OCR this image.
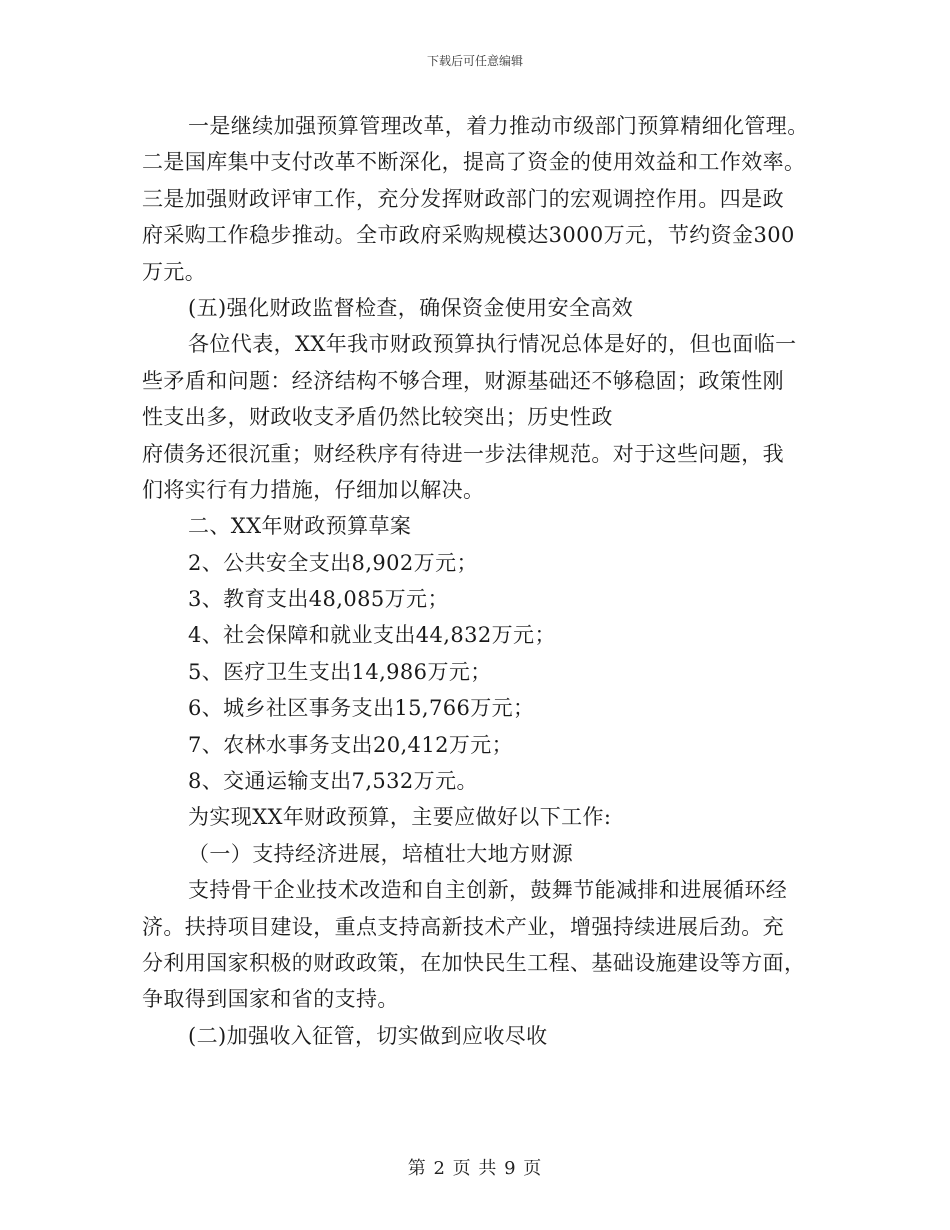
下载后可任意编辑
一是继续加强预算管理改革，着力推动市级部门预算精细化管理。
二是国库集中支付改革不断深化，提高了资金的使用效益和工作效率。
三是加强财政评审工作，充分发挥财政部门的宏观调控作用。四是政
府采购工作稳步推动。全市政府采购规模达3000万元，节约资金300
万元。
(五)强化财政监督检查，确保资金使用安全高效
各位代表，XX年我市财政预算执行情况总体是好的，但也面临一
些矛盾和问题：经济结构不够合理，财源基础还不够稳固；政策性刚
性支出多，财政收支矛盾仍然比较突出；历史性政
府债务还很沉重；财经秩序有待进一步法律规范。对于这些问题，我
们将实行有力措施，仔细加以解决。
二、XX年财政预算草案
2、公共安全支出8,902万元；
3、教育支出48,085万元；
4、社会保障和就业支出44,832万元；
5、医疗卫生支出14,986万元；
6、城乡社区事务支出15,766万元；
7、农林水事务支出20,412万元；
8、交通运输支出7,532万元。
为实现XX年财政预算，主要应做好以下工作:
（一）支持经济进展，培植壮大地方财源
支持骨干企业技术改造和自主创新，鼓舞节能减排和进展循环经
济。扶持项目建设，重点支持高新技术产业，增强持续进展后劲。充
分利用国家积极的财政政策，在加快民生工程、基础设施建设等方面，
争取得到国家和省的支持。
(二)加强收入征管，切实做到应收尽收
第 2 页 共 9 页
